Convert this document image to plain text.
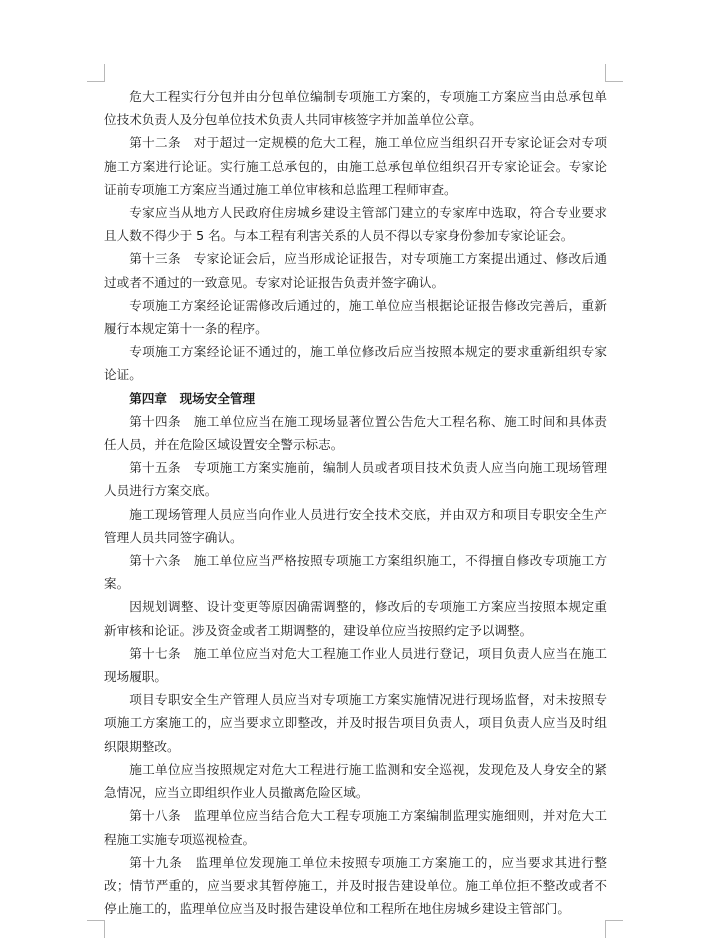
危大工程实行分包并由分包单位编制专项施工方案的，专项施工方案应当由总承包单位技术负责人及分包单位技术负责人共同审核签字并加盖单位公章。

第十二条　对于超过一定规模的危大工程，施工单位应当组织召开专家论证会对专项施工方案进行论证。实行施工总承包的，由施工总承包单位组织召开专家论证会。专家论证前专项施工方案应当通过施工单位审核和总监理工程师审查。

专家应当从地方人民政府住房城乡建设主管部门建立的专家库中选取，符合专业要求且人数不得少于 5 名。与本工程有利害关系的人员不得以专家身份参加专家论证会。

第十三条　专家论证会后，应当形成论证报告，对专项施工方案提出通过、修改后通过或者不通过的一致意见。专家对论证报告负责并签字确认。

专项施工方案经论证需修改后通过的，施工单位应当根据论证报告修改完善后，重新履行本规定第十一条的程序。

专项施工方案经论证不通过的，施工单位修改后应当按照本规定的要求重新组织专家论证。

第四章　现场安全管理

第十四条　施工单位应当在施工现场显著位置公告危大工程名称、施工时间和具体责任人员，并在危险区域设置安全警示标志。

第十五条　专项施工方案实施前，编制人员或者项目技术负责人应当向施工现场管理人员进行方案交底。

施工现场管理人员应当向作业人员进行安全技术交底，并由双方和项目专职安全生产管理人员共同签字确认。

第十六条　施工单位应当严格按照专项施工方案组织施工，不得擅自修改专项施工方案。

因规划调整、设计变更等原因确需调整的，修改后的专项施工方案应当按照本规定重新审核和论证。涉及资金或者工期调整的，建设单位应当按照约定予以调整。

第十七条　施工单位应当对危大工程施工作业人员进行登记，项目负责人应当在施工现场履职。

项目专职安全生产管理人员应当对专项施工方案实施情况进行现场监督，对未按照专项施工方案施工的，应当要求立即整改，并及时报告项目负责人，项目负责人应当及时组织限期整改。

施工单位应当按照规定对危大工程进行施工监测和安全巡视，发现危及人身安全的紧急情况，应当立即组织作业人员撤离危险区域。

第十八条　监理单位应当结合危大工程专项施工方案编制监理实施细则，并对危大工程施工实施专项巡视检查。

第十九条　监理单位发现施工单位未按照专项施工方案施工的，应当要求其进行整改；情节严重的，应当要求其暂停施工，并及时报告建设单位。施工单位拒不整改或者不停止施工的，监理单位应当及时报告建设单位和工程所在地住房城乡建设主管部门。
